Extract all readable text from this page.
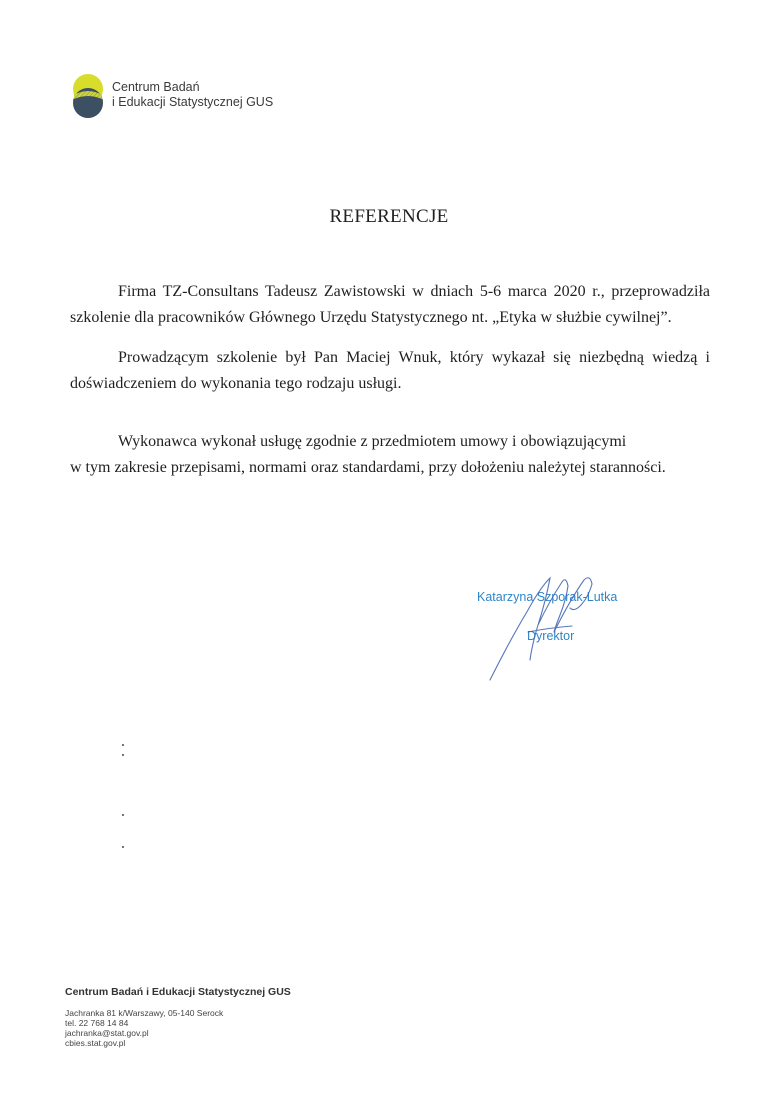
Centrum Badań
i Edukacji Statystycznej GUS
REFERENCJE
Firma TZ-Consultans Tadeusz Zawistowski w dniach 5-6 marca 2020 r., przeprowadziła szkolenie dla pracowników Głównego Urzędu Statystycznego nt. „Etyka w służbie cywilnej”.
Prowadzącym szkolenie był Pan Maciej Wnuk, który wykazał się niezbędną wiedzą i doświadczeniem do wykonania tego rodzaju usługi.
Wykonawca wykonał usługę zgodnie z przedmiotem umowy i obowiązującymi
w tym zakresie przepisami, normami oraz standardami, przy dołożeniu należytej staranności.
Katarzyna Szporak-Lutka
Dyrektor
Centrum Badań i Edukacji Statystycznej GUS
Jachranka 81 k/Warszawy, 05-140 Serock
tel. 22 768 14 84
jachranka@stat.gov.pl
cbies.stat.gov.pl
